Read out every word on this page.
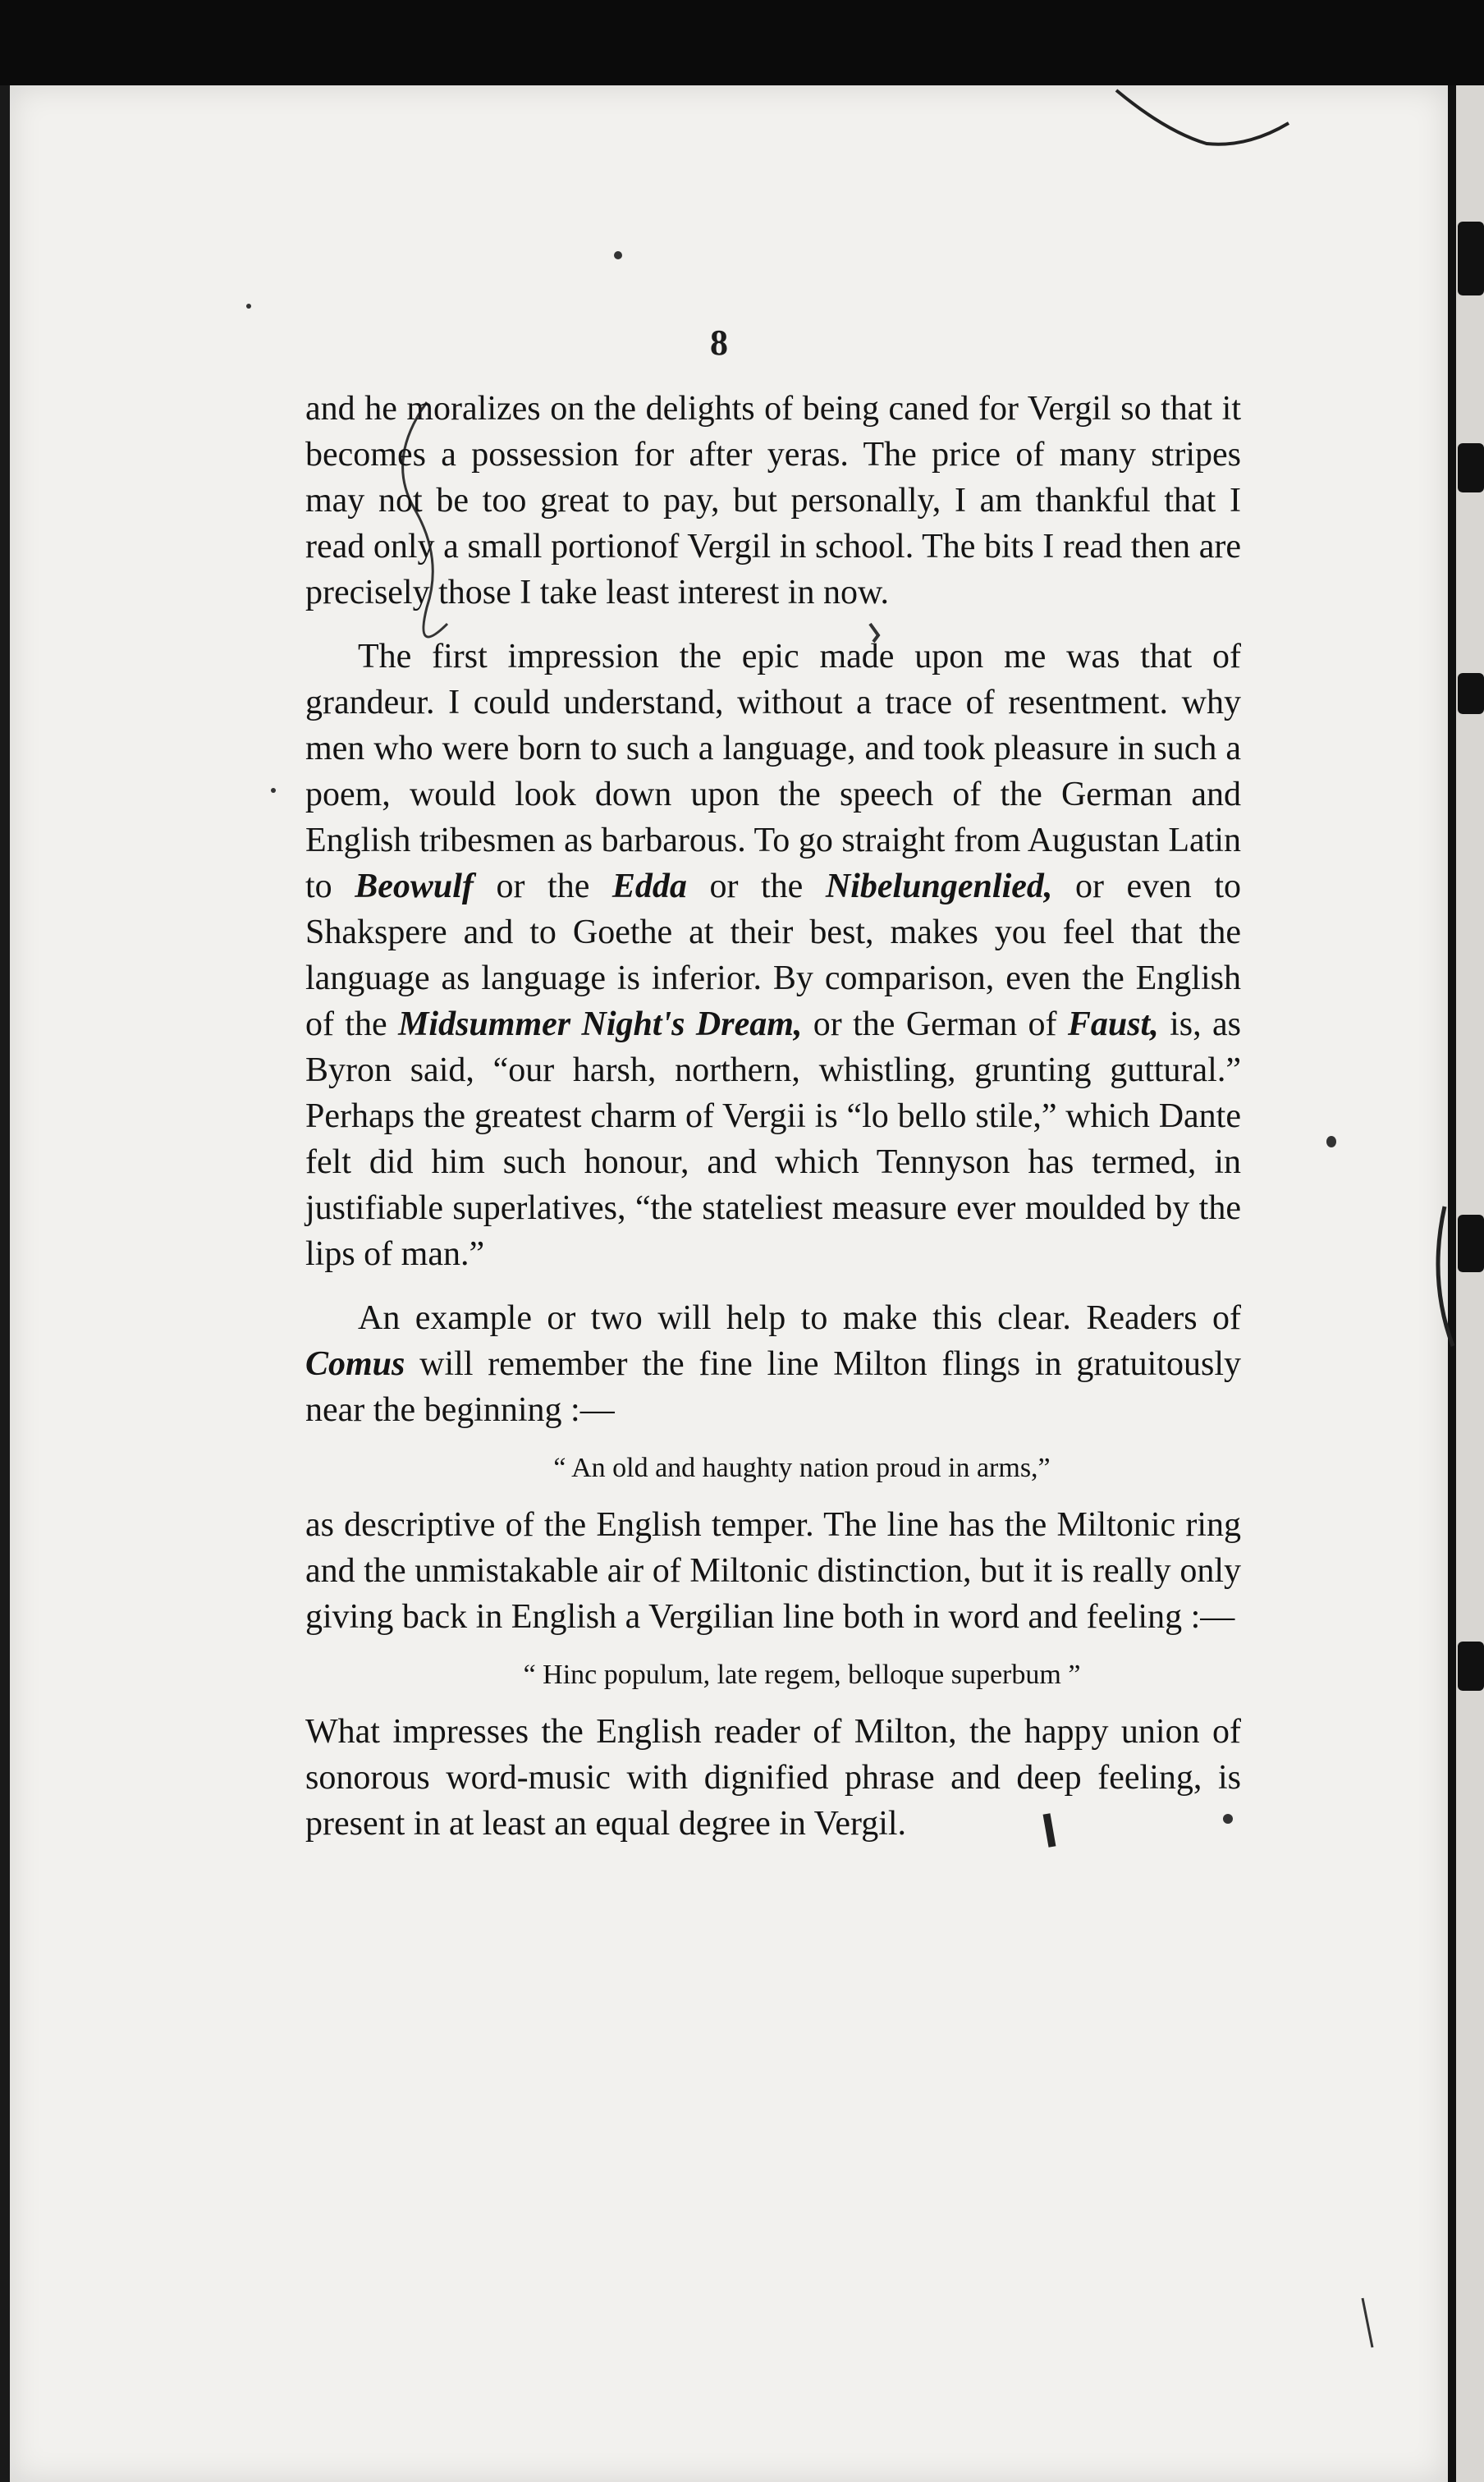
8

and he moralizes on the delights of being caned for Vergil so that it becomes a possession for after yeras. The price of many stripes may not be too great to pay, but personally, I am thankful that I read only a small portionof Vergil in school. The bits I read then are precisely those I take least interest in now.

The first impression the epic made upon me was that of grandeur. I could understand, without a trace of resentment. why men who were born to such a language, and took pleasure in such a poem, would look down upon the speech of the German and English tribesmen as barbarous. To go straight from Augustan Latin to Beowulf or the Edda or the Nibelungenlied, or even to Shakspere and to Goethe at their best, makes you feel that the language as language is inferior. By comparison, even the English of the Midsummer Night's Dream, or the German of Faust, is, as Byron said, “our harsh, northern, whistling, grunting guttural.” Perhaps the greatest charm of Vergii is “lo bello stile,” which Dante felt did him such honour, and which Tennyson has termed, in justifiable superlatives, “the stateliest measure ever moulded by the lips of man.”

An example or two will help to make this clear. Readers of Comus will remember the fine line Milton flings in gratuitously near the beginning :—

“ An old and haughty nation proud in arms,”

as descriptive of the English temper. The line has the Miltonic ring and the unmistakable air of Miltonic distinction, but it is really only giving back in English a Vergilian line both in word and feeling :—

“ Hinc populum, late regem, belloque superbum ”

What impresses the English reader of Milton, the happy union of sonorous word-music with dignified phrase and deep feeling, is present in at least an equal degree in Vergil.
